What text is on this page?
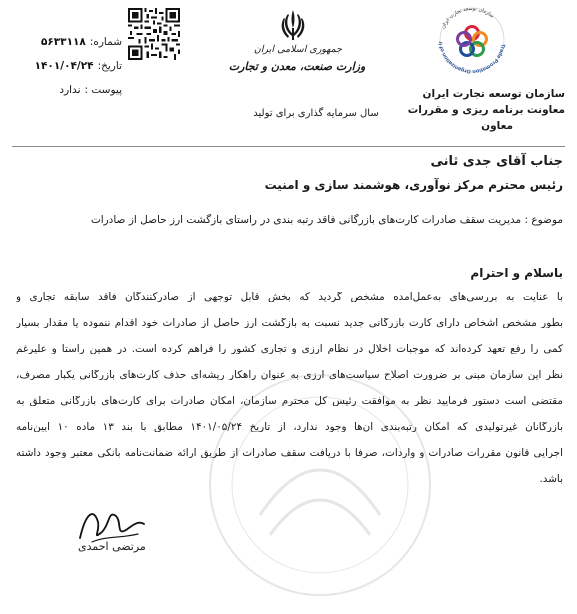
شماره:
۵۶۳۳۱۱۸
تاریخ:
۱۴۰۱/۰۴/۲۴
پیوست :
ندارد
جمهوری اسلامی ایران
وزارت صنعت، معدن و تجارت
سال سرمایه گذاری برای تولید
Trade Promotion Organization of Ir
سازمان توسعه تجارت ایران
سازمان توسعه تجارت ایران
معاونت برنامه ریزی و مقررات
معاون
جناب آقای جدی ثانی
رئیس محترم مرکز نوآوری، هوشمند سازی و امنیت
موضوع : مدیریت سقف صادرات کارت‌های بازرگانی فاقد رتبه بندی در راستای بازگشت ارز حاصل از صادرات
باسلام و احترام
با عنایت به بررسی‌های به‌عمل‌آمده مشخص گردید که بخش قابل توجهی از صادرکنندگان فاقد سابقه تجاری و
بطور مشخص اشخاص دارای کارت بازرگانی جدید نسبت به بازگشت ارز حاصل از صادرات خود اقدام ننموده یا مقدار بسیار
کمی را رفع تعهد کرده‌اند که موجبات اخلال در نظام ارزی و تجاری کشور را فراهم کرده است. در همین راستا و علیرغم
نظر این سازمان مبنی بر ضرورت اصلاح سیاست‌های ارزی به عنوان راهکار ریشه‌ای حذف کارت‌های بازرگانی یکبار مصرف،
مقتضی است دستور فرمایید نظر به موافقت رئیس کل محترم سازمان، امکان صادرات برای کارت‌های بازرگانی متعلق به
بازرگانان غیرتولیدی که امکان رتبه‌بندی آن‌ها وجود ندارد، از تاریخ ۱۴۰۱/۰۵/۲۴ مطابق با بند ۱۳ ماده ۱۰ آیین‌نامه
اجرایی قانون مقررات صادرات و واردات، صرفاً با دریافت سقف صادرات از طریق ارائه ضمانت‌نامه بانکی معتبر وجود داشته
باشد.
مرتضی احمدی
